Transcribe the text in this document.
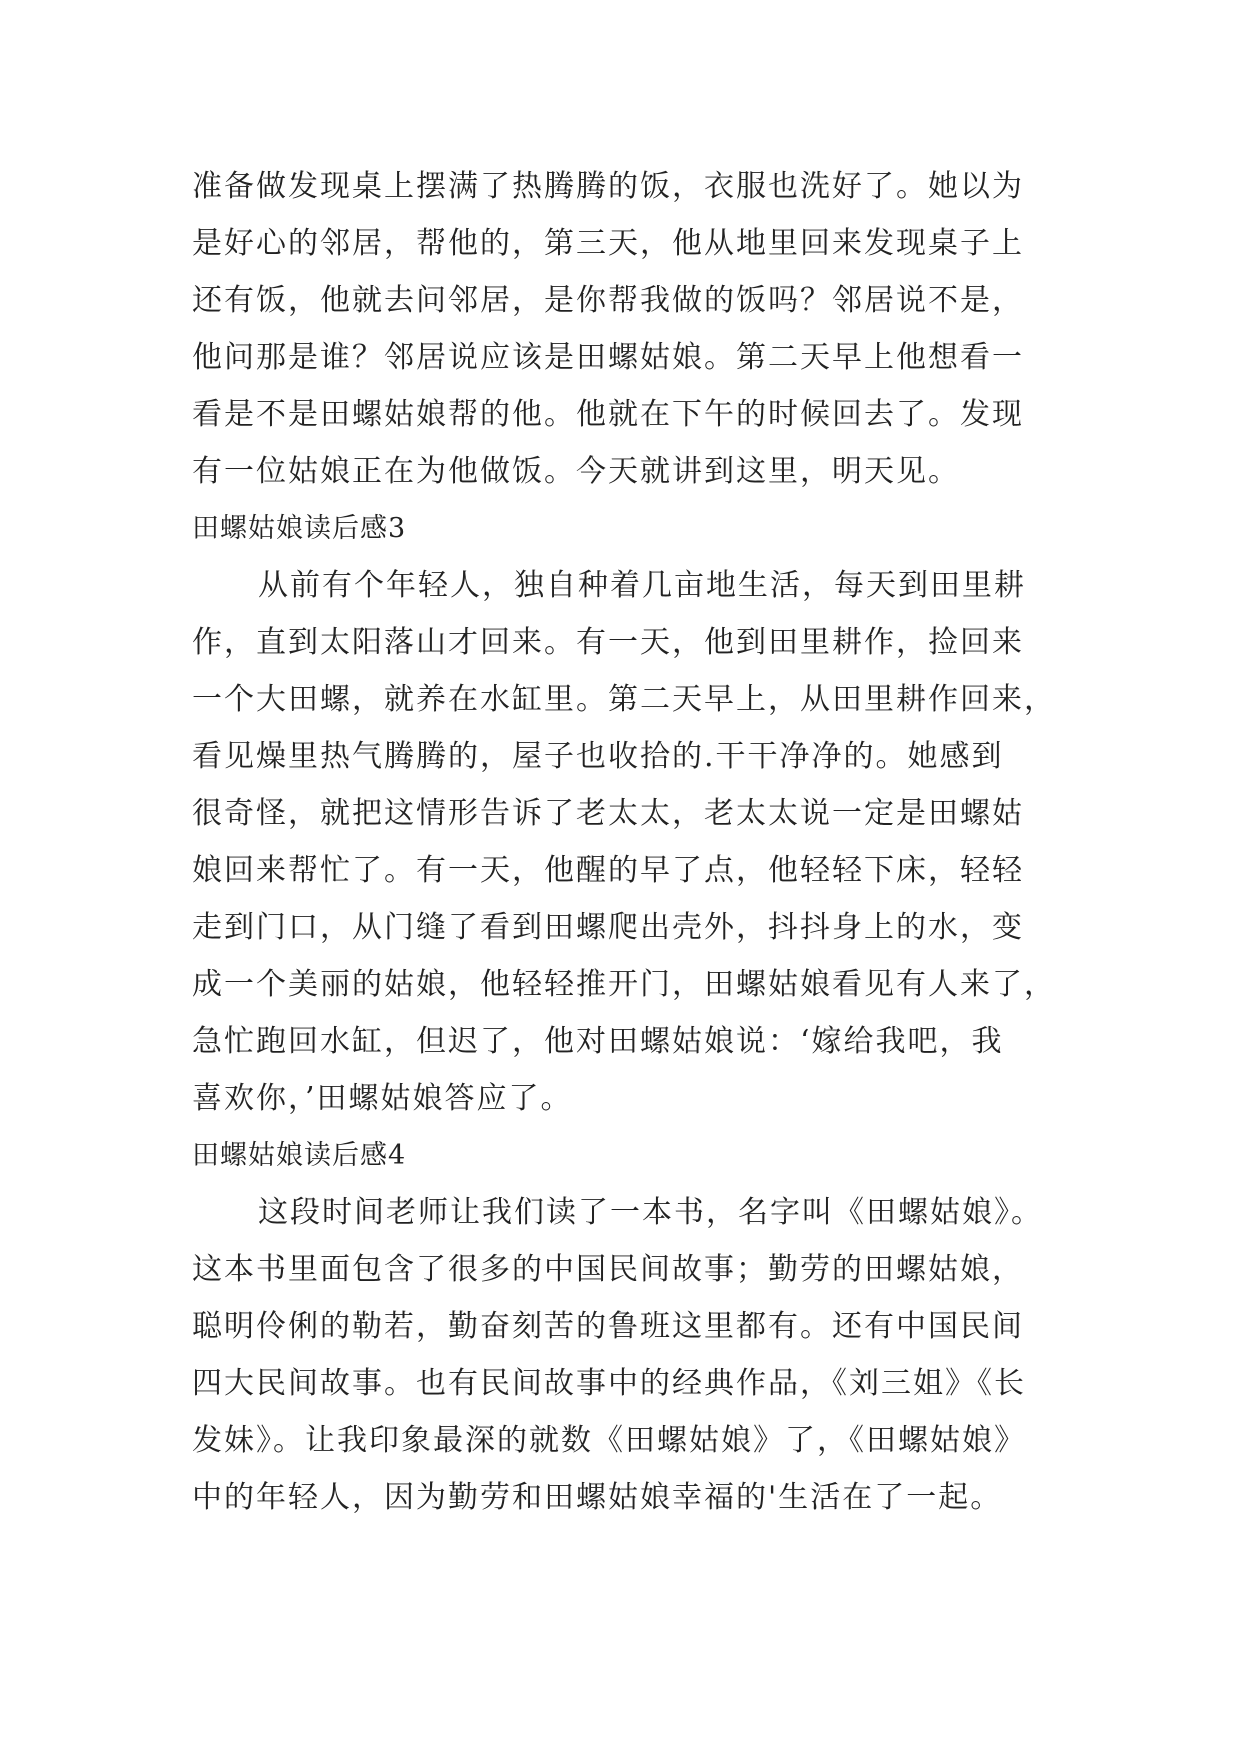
准备做发现桌上摆满了热腾腾的饭，衣服也洗好了。她以为
是好心的邻居，帮他的，第三天，他从地里回来发现桌子上
还有饭，他就去问邻居，是你帮我做的饭吗？邻居说不是，
他问那是谁？邻居说应该是田螺姑娘。第二天早上他想看一
看是不是田螺姑娘帮的他。他就在下午的时候回去了。发现
有一位姑娘正在为他做饭。今天就讲到这里，明天见。
田螺姑娘读后感3
从前有个年轻人，独自种着几亩地生活，每天到田里耕
作，直到太阳落山才回来。有一天，他到田里耕作，捡回来
一个大田螺，就养在水缸里。第二天早上，从田里耕作回来，
看见燥里热气腾腾的，屋子也收拾的.干干净净的。她感到
很奇怪，就把这情形告诉了老太太，老太太说一定是田螺姑
娘回来帮忙了。有一天，他醒的早了点，他轻轻下床，轻轻
走到门口，从门缝了看到田螺爬出壳外，抖抖身上的水，变
成一个美丽的姑娘，他轻轻推开门，田螺姑娘看见有人来了，
急忙跑回水缸，但迟了，他对田螺姑娘说：‘嫁给我吧，我
喜欢你，’田螺姑娘答应了。
田螺姑娘读后感4
这段时间老师让我们读了一本书，名字叫《田螺姑娘》。
这本书里面包含了很多的中国民间故事；勤劳的田螺姑娘，
聪明伶俐的勒若，勤奋刻苦的鲁班这里都有。还有中国民间
四大民间故事。也有民间故事中的经典作品，《刘三姐》《长
发妹》。让我印象最深的就数《田螺姑娘》了，《田螺姑娘》
中的年轻人，因为勤劳和田螺姑娘幸福的'生活在了一起。
